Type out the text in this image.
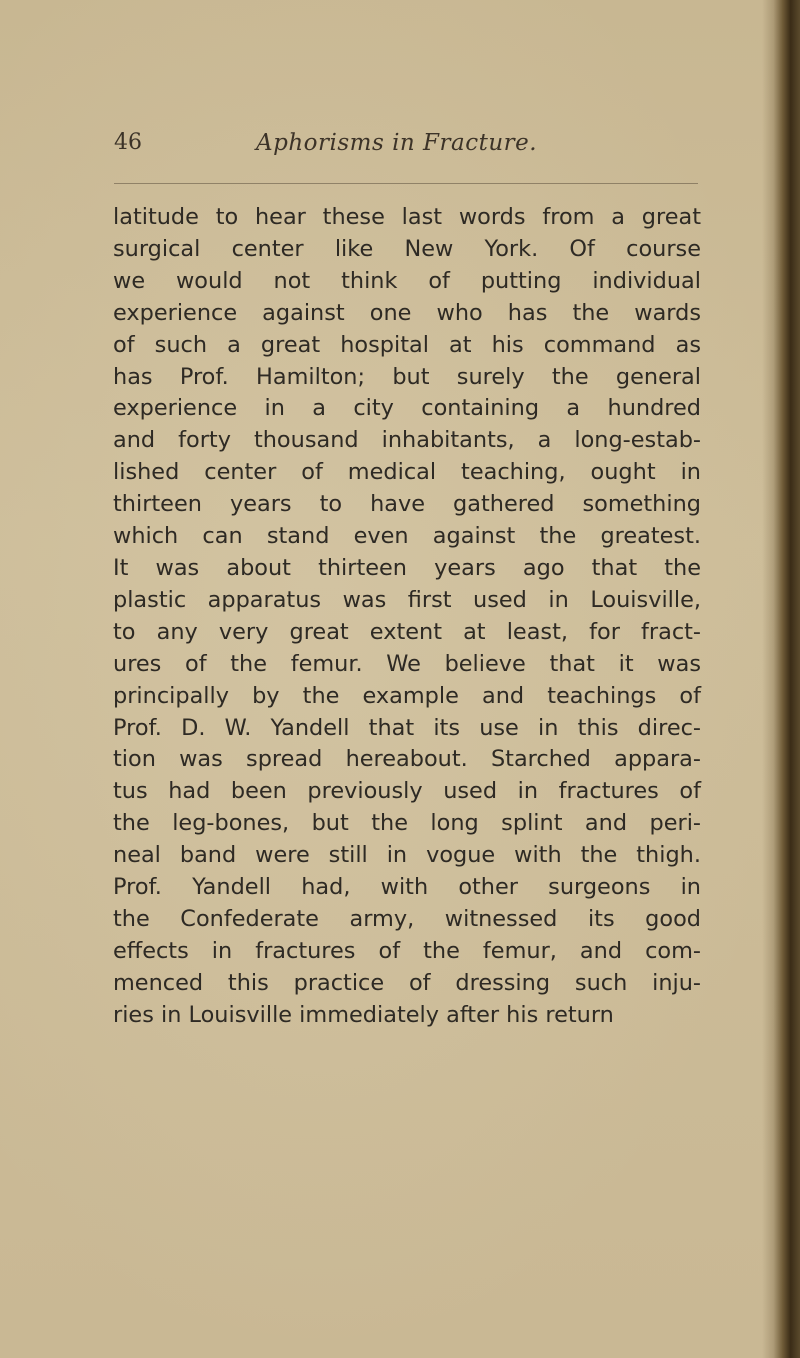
46	Aphorisms in Fracture.

latitude to hear these last words from a great
surgical center like New York. Of course
we would not think of putting individual
experience against one who has the wards
of such a great hospital at his command as
has Prof. Hamilton; but surely the general
experience in a city containing a hundred
and forty thousand inhabitants, a long-estab-
lished center of medical teaching, ought in
thirteen years to have gathered something
which can stand even against the greatest.
It was about thirteen years ago that the
plastic apparatus was first used in Louisville,
to any very great extent at least, for fract-
ures of the femur. We believe that it was
principally by the example and teachings of
Prof. D. W. Yandell that its use in this direc-
tion was spread hereabout. Starched appara-
tus had been previously used in fractures of
the leg-bones, but the long splint and peri-
neal band were still in vogue with the thigh.
Prof. Yandell had, with other surgeons in
the Confederate army, witnessed its good
effects in fractures of the femur, and com-
menced this practice of dressing such inju-
ries in Louisville immediately after his return
